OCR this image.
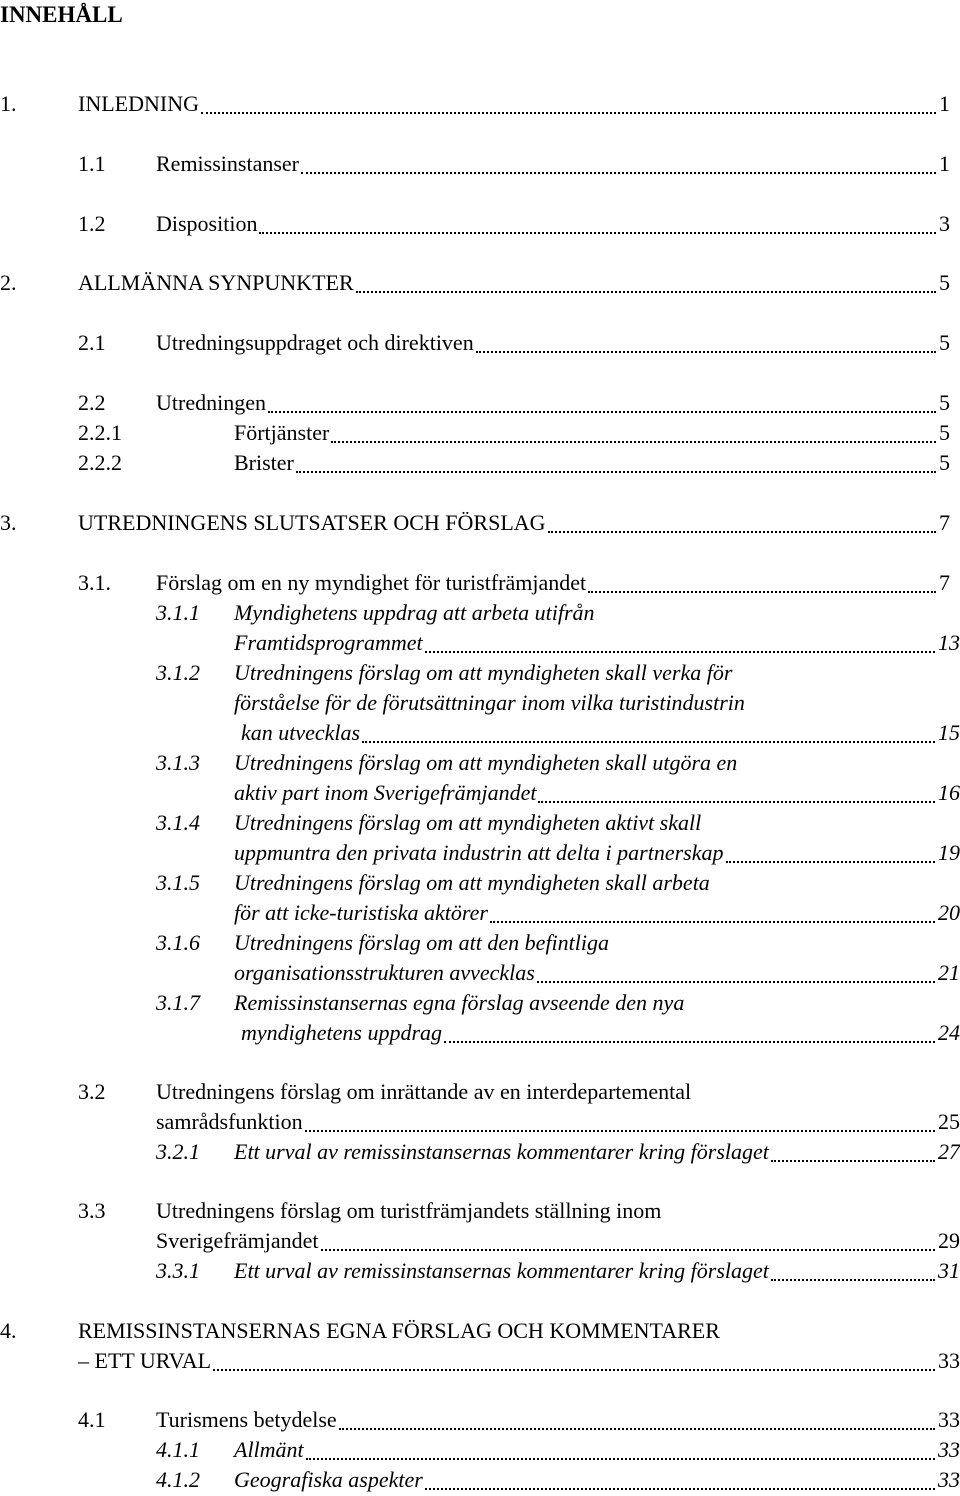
INNEHÅLL
1.	INLEDNING	1
1.1 Remissinstanser	1
1.2 Disposition	3
2.	ALLMÄNNA SYNPUNKTER	5
2.1 Utredningsuppdraget och direktiven	5
2.2 Utredningen	5
2.2.1	Förtjänster	5
2.2.2	Brister	5
3.	UTREDNINGENS SLUTSATSER OCH FÖRSLAG	7
3.1. Förslag om en ny myndighet för turistfrämjandet	7
3.1.1 Myndighetens uppdrag att arbeta utifrån
Framtidsprogrammet	13
3.1.2 Utredningens förslag om att myndigheten skall verka för
förståelse för de förutsättningar inom vilka turistindustrin
kan utvecklas	15
3.1.3 Utredningens förslag om att myndigheten skall utgöra en
aktiv part inom Sverigefrämjandet	16
3.1.4 Utredningens förslag om att myndigheten aktivt skall
uppmuntra den privata industrin att delta i partnerskap	19
3.1.5 Utredningens förslag om att myndigheten skall arbeta
för att icke-turistiska aktörer	20
3.1.6 Utredningens förslag om att den befintliga
organisationsstrukturen avvecklas	21
3.1.7 Remissinstansernas egna förslag avseende den nya
myndighetens uppdrag	24
3.2 Utredningens förslag om inrättande av en interdepartemental
samrådsfunktion	25
3.2.1 Ett urval av remissinstansernas kommentarer kring förslaget	27
3.3 Utredningens förslag om turistfrämjandets ställning inom
Sverigefrämjandet	29
3.3.1 Ett urval av remissinstansernas kommentarer kring förslaget	31
4.	REMISSINSTANSERNAS EGNA FÖRSLAG OCH KOMMENTARER
– ETT URVAL	33
4.1 Turismens betydelse	33
4.1.1 Allmänt	33
4.1.2 Geografiska aspekter	33
